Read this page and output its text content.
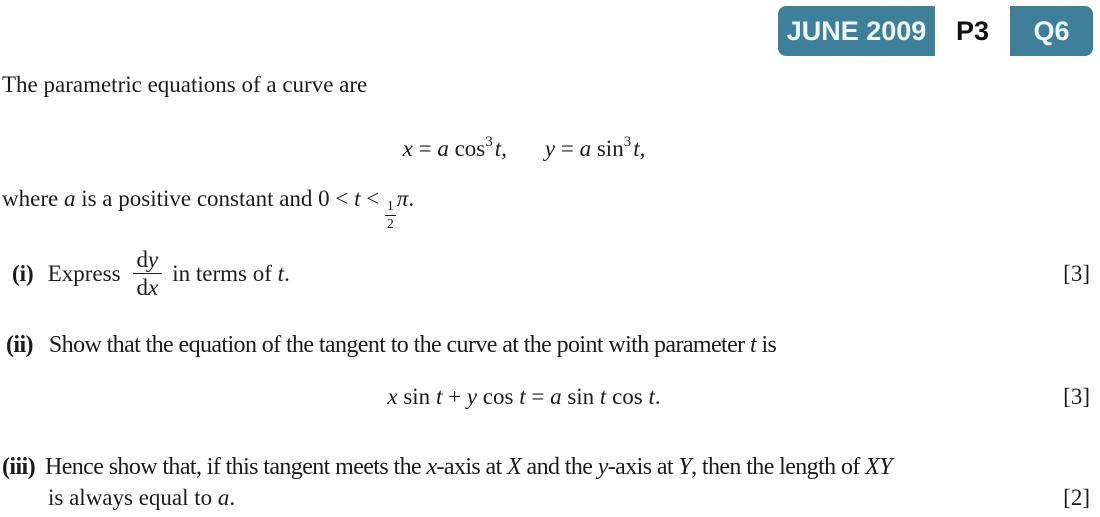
JUNE 2009	P3	Q6
The parametric equations of a curve are
x = a $\cos^3t$, y = a $\sin^3t$,
where a is a positive constant and 0 < t <
$\frac{1}{2}$
π.
(i) Express $\frac{dy}{dx}$ in terms of t.	[3]
(ii) Show that the equation of the tangent to the curve at the point with parameter t is
x sin t + y cos t = a sin t cos t.	[3]
(iii) Hence show that, if this tangent meets the x-axis at X and the y-axis at Y, then the length of XY
is always equal to a.	[2]
